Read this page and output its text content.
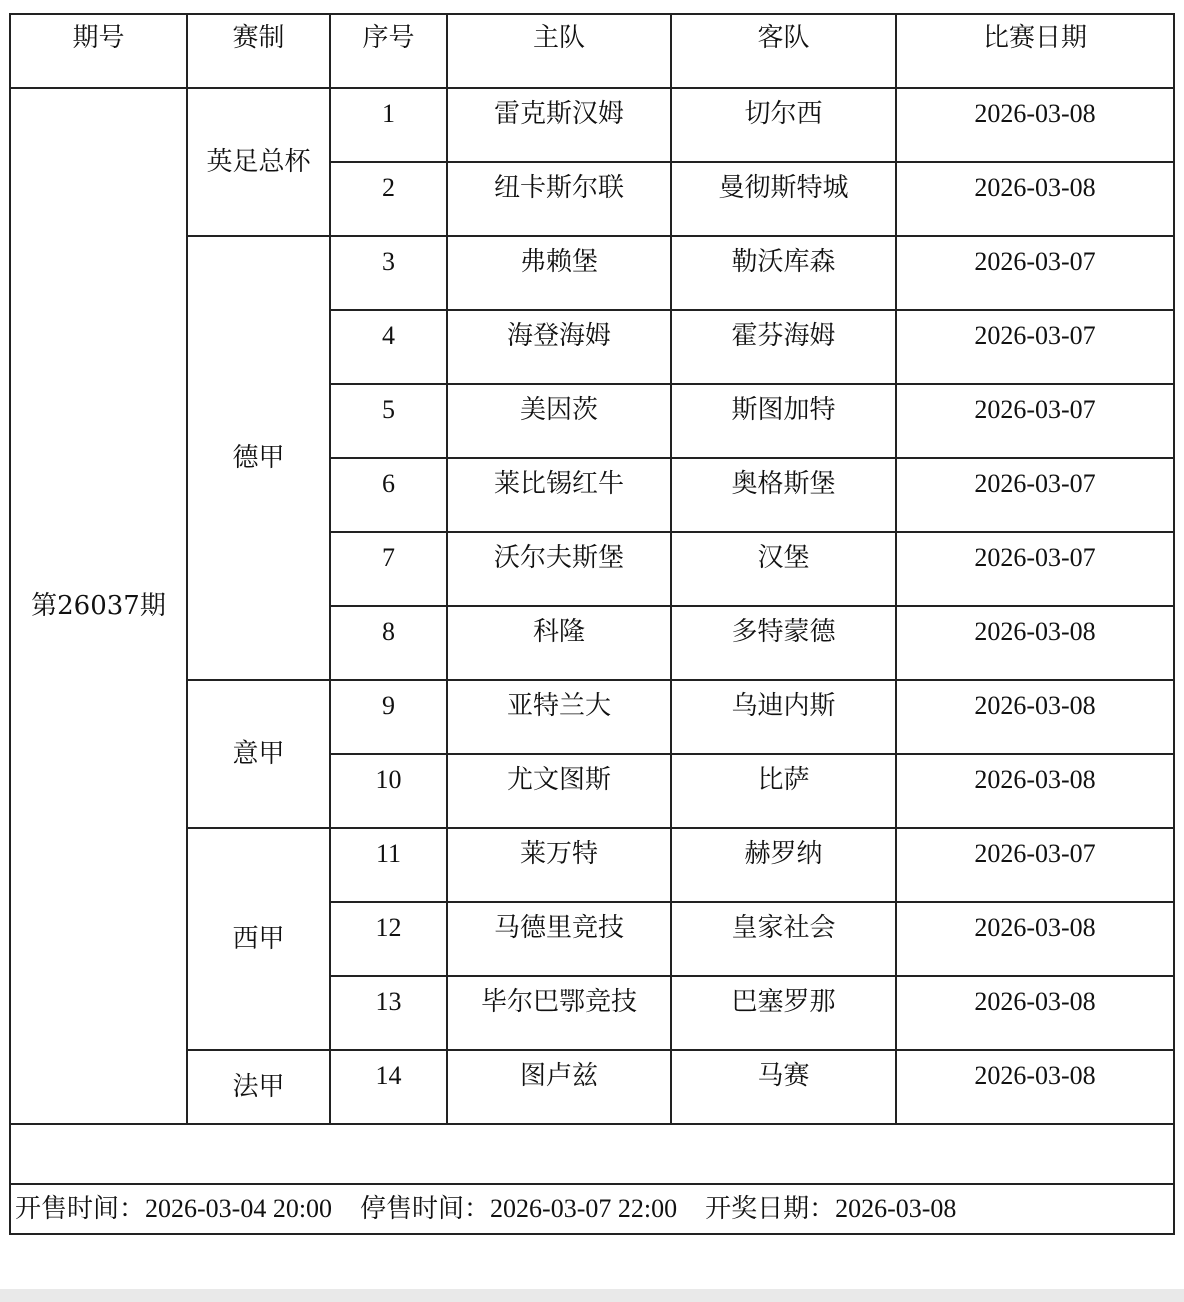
期号	赛制	序号	主队	客队	比赛日期
第26037期	英足总杯	1	雷克斯汉姆	切尔西	2026-03-08
		2	纽卡斯尔联	曼彻斯特城	2026-03-08
	德甲	3	弗赖堡	勒沃库森	2026-03-07
		4	海登海姆	霍芬海姆	2026-03-07
		5	美因茨	斯图加特	2026-03-07
		6	莱比锡红牛	奥格斯堡	2026-03-07
		7	沃尔夫斯堡	汉堡	2026-03-07
		8	科隆	多特蒙德	2026-03-08
	意甲	9	亚特兰大	乌迪内斯	2026-03-08
		10	尤文图斯	比萨	2026-03-08
	西甲	11	莱万特	赫罗纳	2026-03-07
		12	马德里竞技	皇家社会	2026-03-08
		13	毕尔巴鄂竞技	巴塞罗那	2026-03-08
	法甲	14	图卢兹	马赛	2026-03-08

开售时间：2026-03-04 20:00 停售时间：2026-03-07 22:00 开奖日期：2026-03-08					
